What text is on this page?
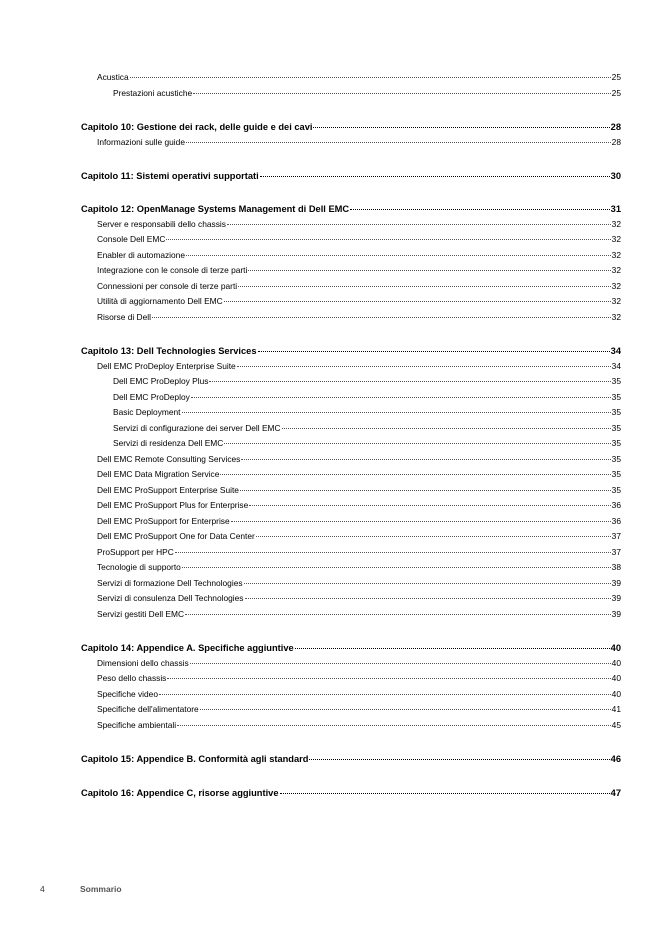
Acustica	25
Prestazioni acustiche	25
Capitolo 10: Gestione dei rack, delle guide e dei cavi	28
Informazioni sulle guide	28
Capitolo 11: Sistemi operativi supportati	30
Capitolo 12: OpenManage Systems Management di Dell EMC	31
Server e responsabili dello chassis	32
Console Dell EMC	32
Enabler di automazione	32
Integrazione con le console di terze parti	32
Connessioni per console di terze parti	32
Utilità di aggiornamento Dell EMC	32
Risorse di Dell	32
Capitolo 13: Dell Technologies Services	34
Dell EMC ProDeploy Enterprise Suite	34
Dell EMC ProDeploy Plus	35
Dell EMC ProDeploy	35
Basic Deployment	35
Servizi di configurazione dei server Dell EMC	35
Servizi di residenza Dell EMC	35
Dell EMC Remote Consulting Services	35
Dell EMC Data Migration Service	35
Dell EMC ProSupport Enterprise Suite	35
Dell EMC ProSupport Plus for Enterprise	36
Dell EMC ProSupport for Enterprise	36
Dell EMC ProSupport One for Data Center	37
ProSupport per HPC	37
Tecnologie di supporto	38
Servizi di formazione Dell Technologies	39
Servizi di consulenza Dell Technologies	39
Servizi gestiti Dell EMC	39
Capitolo 14: Appendice A. Specifiche aggiuntive	40
Dimensioni dello chassis	40
Peso dello chassis	40
Specifiche video	40
Specifiche dell'alimentatore	41
Specifiche ambientali	45
Capitolo 15: Appendice B. Conformità agli standard	46
Capitolo 16: Appendice C, risorse aggiuntive	47
4	Sommario
